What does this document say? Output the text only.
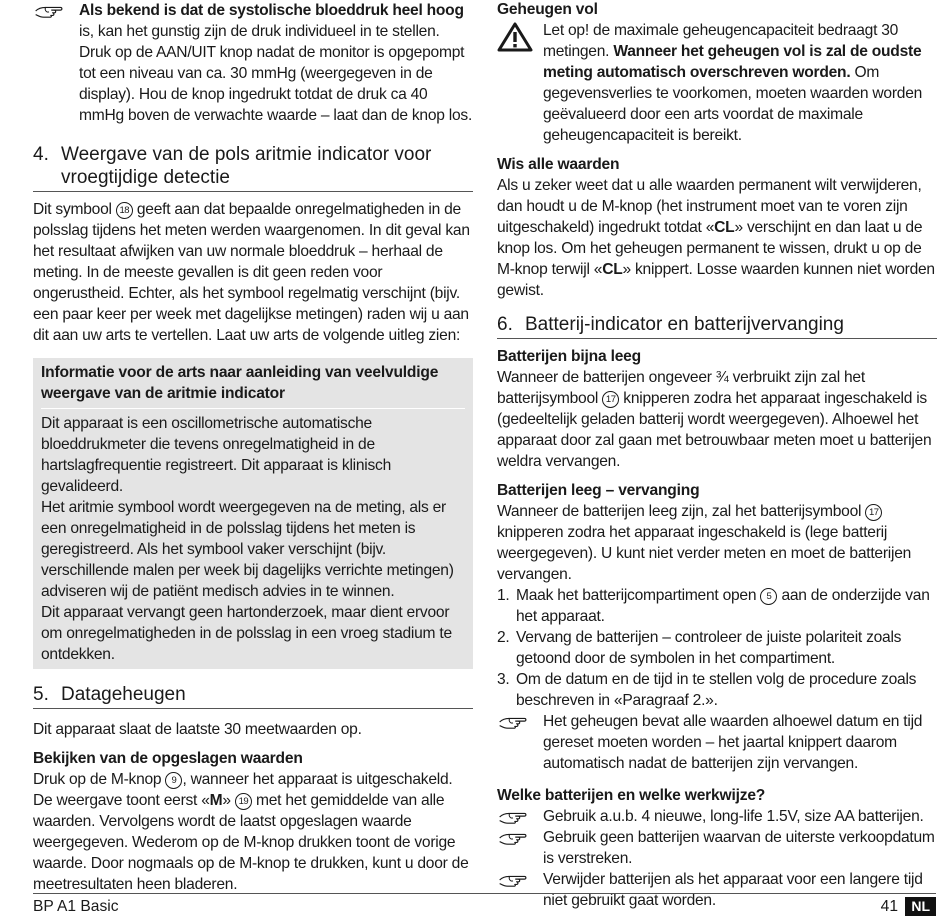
Als bekend is dat de systolische bloeddruk heel hoog is, kan het gunstig zijn de druk individueel in te stellen. Druk op de AAN/UIT knop nadat de monitor is opgepompt tot een niveau van ca. 30 mmHg (weergegeven in de display). Hou de knop ingedrukt totdat de druk ca 40 mmHg boven de verwachte waarde – laat dan de knop los.

4. Weergave van de pols aritmie indicator voor vroegtijdige detectie

Dit symbool 18 geeft aan dat bepaalde onregelmatigheden in de polsslag tijdens het meten werden waargenomen. In dit geval kan het resultaat afwijken van uw normale bloeddruk – herhaal de meting. In de meeste gevallen is dit geen reden voor ongerustheid. Echter, als het symbool regelmatig verschijnt (bijv. een paar keer per week met dagelijkse metingen) raden wij u aan dit aan uw arts te vertellen. Laat uw arts de volgende uitleg zien:

Informatie voor de arts naar aanleiding van veelvuldige weergave van de aritmie indicator

Dit apparaat is een oscillometrische automatische bloeddrukmeter die tevens onregelmatigheid in de hartslagfrequentie registreert. Dit apparaat is klinisch gevalideerd.

Het aritmie symbool wordt weergegeven na de meting, als er een onregelmatigheid in de polsslag tijdens het meten is geregistreerd. Als het symbool vaker verschijnt (bijv. verschillende malen per week bij dagelijks verrichte metingen) adviseren wij de patiënt medisch advies in te winnen.

Dit apparaat vervangt geen hartonderzoek, maar dient ervoor om onregelmatigheden in de polsslag in een vroeg stadium te ontdekken.

5. Datageheugen

Dit apparaat slaat de laatste 30 meetwaarden op.

Bekijken van de opgeslagen waarden

Druk op de M-knop 9 , wanneer het apparaat is uitgeschakeld. De weergave toont eerst «M» 19 met het gemiddelde van alle waarden. Vervolgens wordt de laatst opgeslagen waarde weergegeven. Wederom op de M-knop drukken toont de vorige waarde. Door nogmaals op de M-knop te drukken, kunt u door de meetresultaten heen bladeren.

Geheugen vol

Let op! de maximale geheugencapaciteit bedraagt 30 metingen. Wanneer het geheugen vol is zal de oudste meting automatisch overschreven worden. Om gegevensverlies te voorkomen, moeten waarden worden geëvalueerd door een arts voordat de maximale geheugencapaciteit is bereikt.

Wis alle waarden

Als u zeker weet dat u alle waarden permanent wilt verwijderen, dan houdt u de M-knop (het instrument moet van te voren zijn uitgeschakeld) ingedrukt totdat «CL» verschijnt en dan laat u de knop los. Om het geheugen permanent te wissen, drukt u op de M-knop terwijl «CL» knippert. Losse waarden kunnen niet worden gewist.

6. Batterij-indicator en batterijvervanging
Batterijen bijna leeg

Wanneer de batterijen ongeveer ¾ verbruikt zijn zal het batterijsymbool 17 knipperen zodra het apparaat ingeschakeld is (gedeeltelijk geladen batterij wordt weergegeven). Alhoewel het apparaat door zal gaan met betrouwbaar meten moet u batterijen weldra vervangen.

Batterijen leeg – vervanging

Wanneer de batterijen leeg zijn, zal het batterijsymbool 17 knipperen zodra het apparaat ingeschakeld is (lege batterij weergegeven). U kunt niet verder meten en moet de batterijen vervangen.

1. Maak het batterijcompartiment open 5 aan de onderzijde van het apparaat.
2. Vervang de batterijen – controleer de juiste polariteit zoals getoond door de symbolen in het compartiment.
3. Om de datum en de tijd in te stellen volg de procedure zoals beschreven in «Paragraaf 2.».

Het geheugen bevat alle waarden alhoewel datum en tijd gereset moeten worden – het jaartal knippert daarom automatisch nadat de batterijen zijn vervangen.

Welke batterijen en welke werkwijze?

Gebruik a.u.b. 4 nieuwe, long-life 1.5V, size AA batterijen.

Gebruik geen batterijen waarvan de uiterste verkoopdatum is verstreken.

Verwijder batterijen als het apparaat voor een langere tijd niet gebruikt gaat worden.

BP A1 Basic	41 NL
